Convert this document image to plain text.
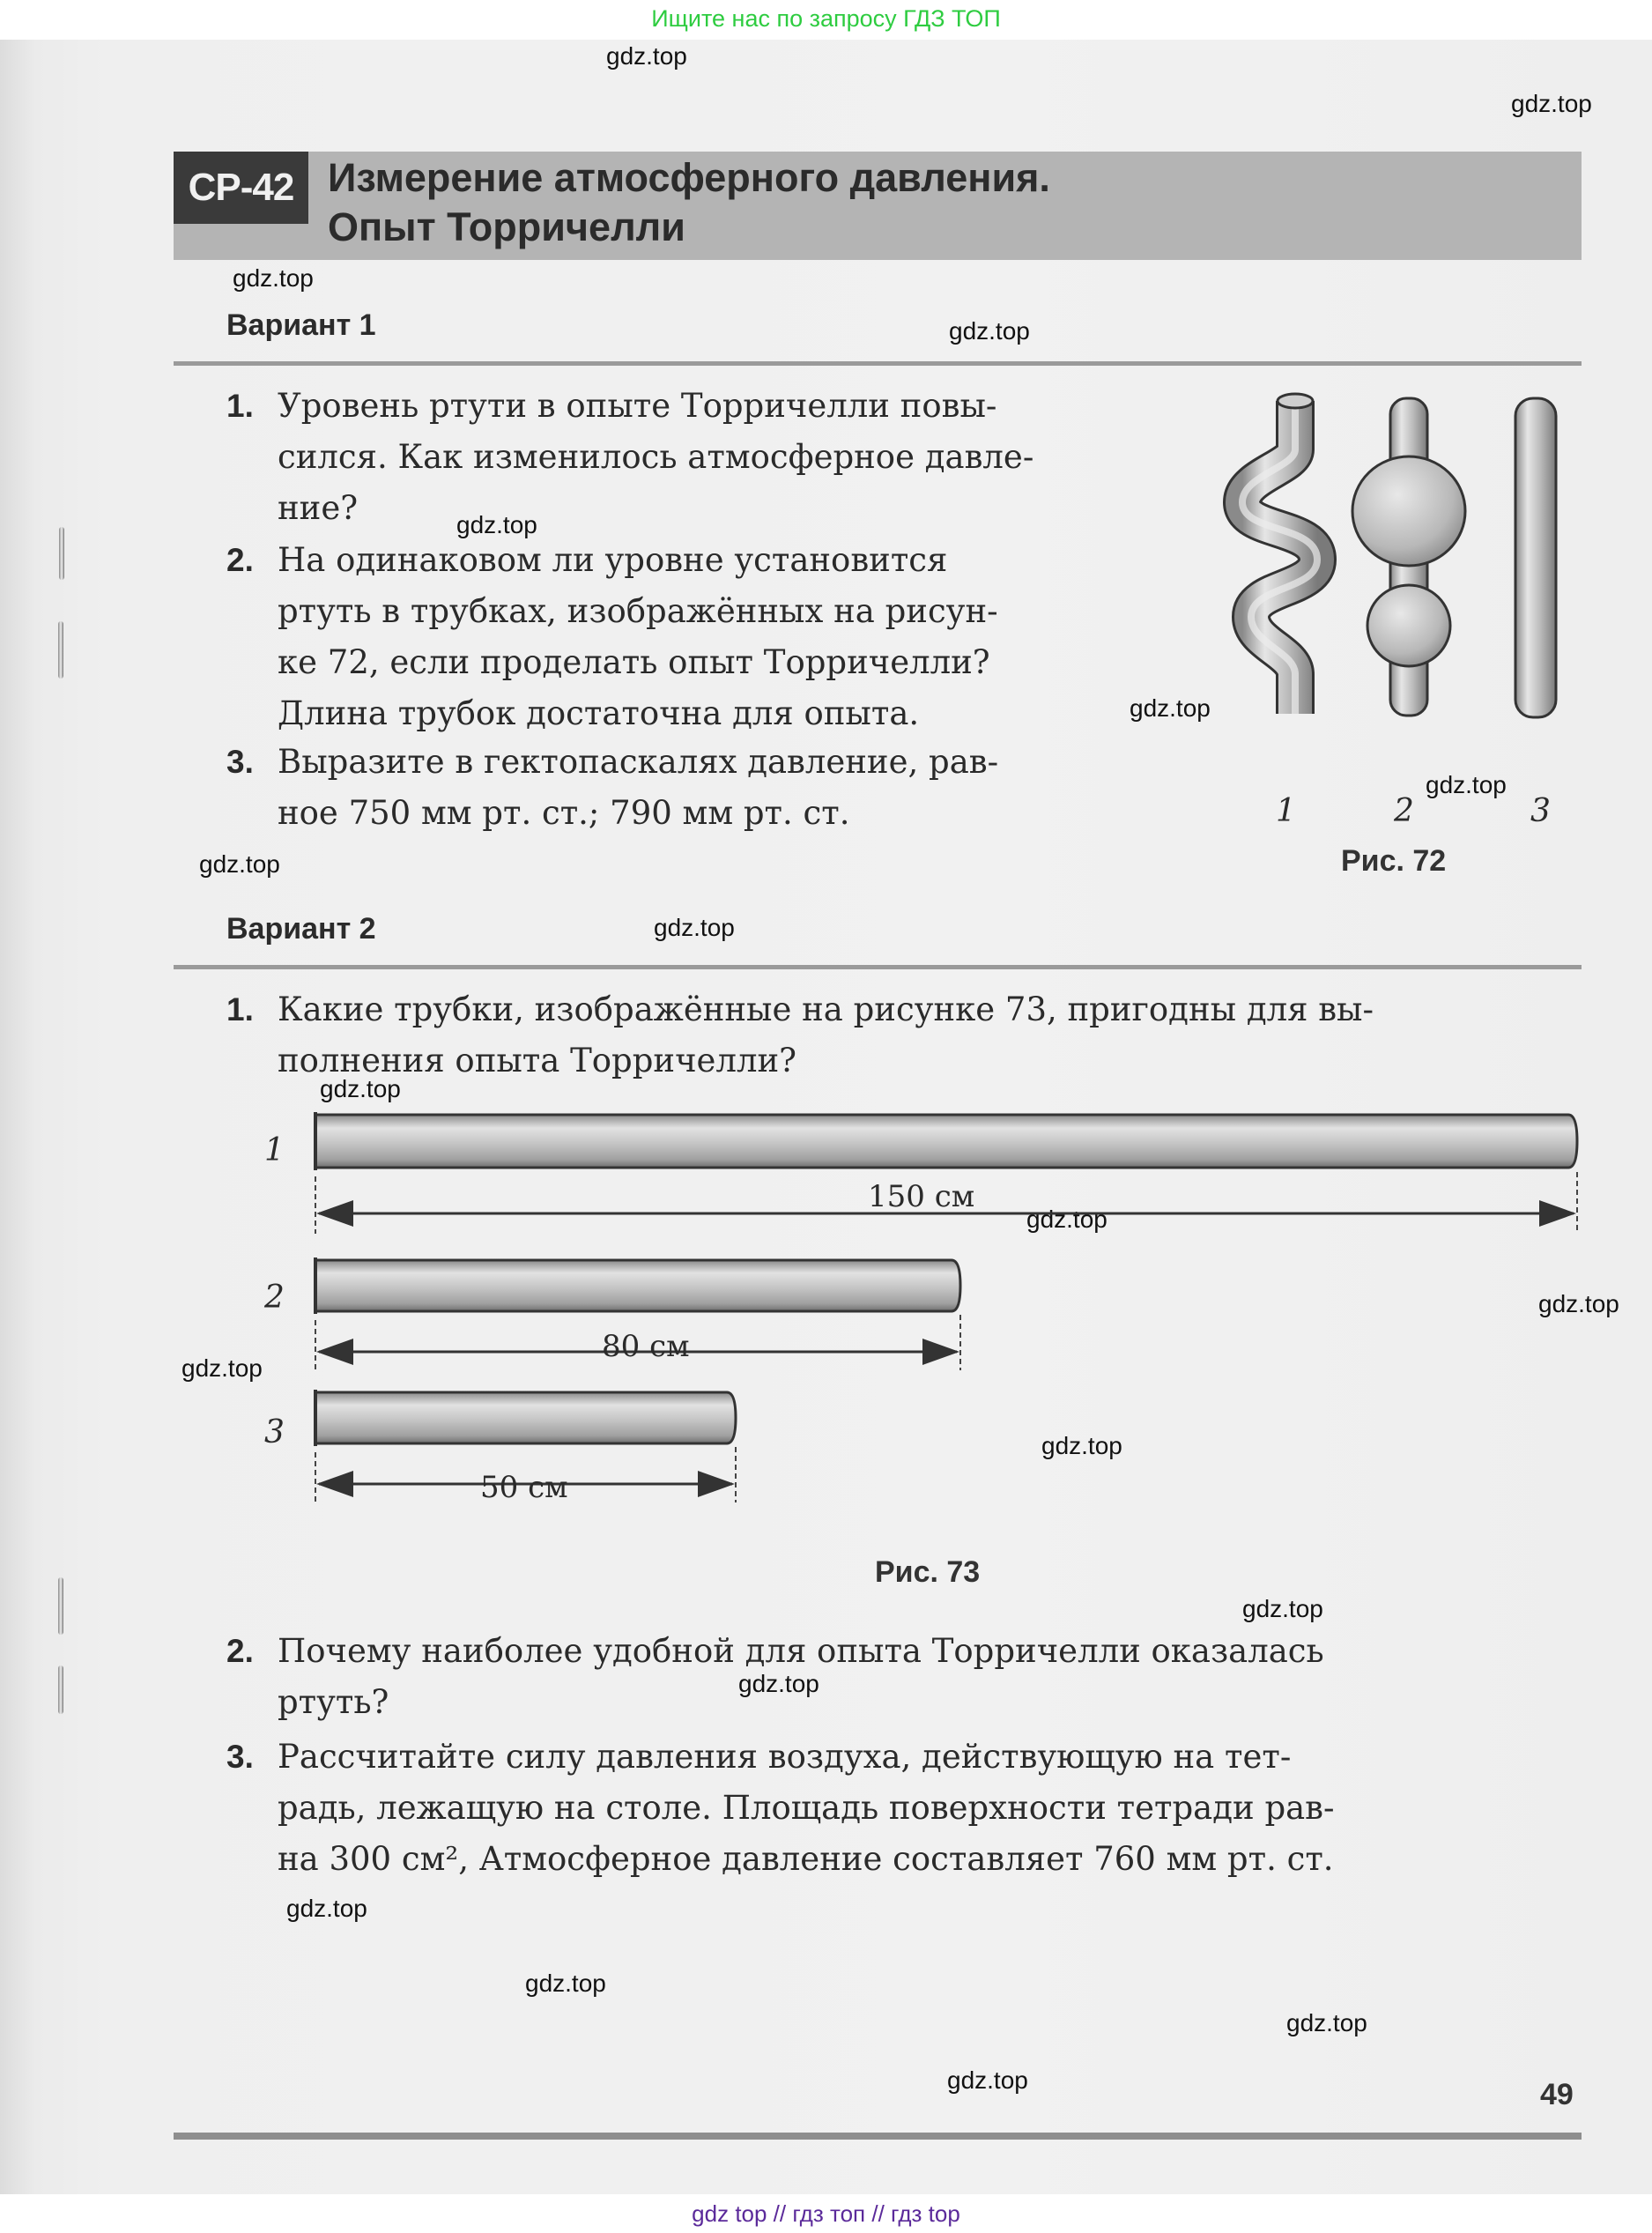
Ищите нас по запросу ГДЗ ТОП
gdz.top
gdz.top
gdz.top
gdz.top
gdz.top
gdz.top
gdz.top
gdz.top
gdz.top
gdz.top
gdz.top
gdz.top
gdz.top
gdz.top
gdz.top
gdz.top
gdz.top
gdz.top
gdz.top
gdz.top
СР-42 Измерение атмосферного давления.
Опыт Торричелли
Вариант 1
1. Уровень ртути в опыте Торричелли повы-
сился. Как изменилось атмосферное давле-
ние?
2. На одинаковом ли уровне установится
ртуть в трубках, изображённых на рисун-
ке 72, если проделать опыт Торричелли?
Длина трубок достаточна для опыта.
3. Выразите в гектопаскалях давление, рав-
ное 750 мм рт. ст.; 790 мм рт. ст.	1	2	3
Рис. 72
Вариант 2
1. Какие трубки, изображённые на рисунке 73, пригодны для вы-
полнения опыта Торричелли?
1
2
3
150 см
80 см
50 см
Рис. 73
2. Почему наиболее удобной для опыта Торричелли оказалась
ртуть?
3. Рассчитайте силу давления воздуха, действующую на тет-
радь, лежащую на столе. Площадь поверхности тетради рав-
на 300 см², Атмосферное давление составляет 760 мм рт. ст.
49
gdz top // гдз топ // гдз top
